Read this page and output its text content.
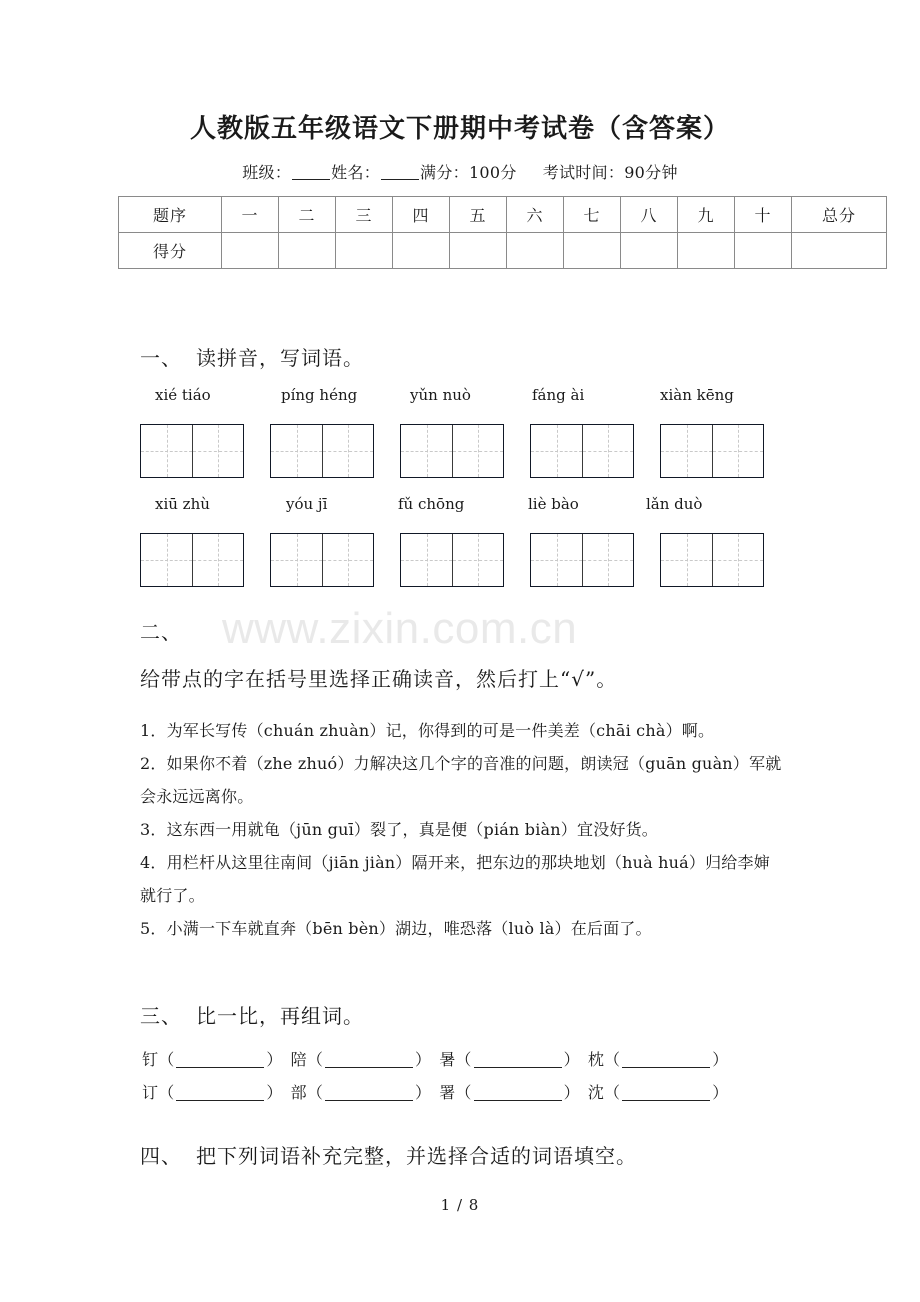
www.zixin.com.cn
人教版五年级语文下册期中考试卷（含答案）
班级：	姓名：	满分：100分 考试时间：90分钟
题序	一	二	三	四	五	六	七	八	九	十	总分
得分											
一、 读拼音，写词语。
xié tiáo	píng héng	yǔn nuò	fáng ài	xiàn kēng
xiū zhù	yóu jī	fǔ chōng	liè bào	lǎn duò
二、
给带点的字在括号里选择正确读音，然后打上“√”。

1．为军长写传（chuán zhuàn）记，你得到的可是一件美差（chāi chà）啊。

2．如果你不着（zhe zhuó）力解决这几个字的音准的问题，朗读冠（guān guàn）军就会永远远离你。

3．这东西一用就龟（jūn guī）裂了，真是便（pián biàn）宜没好货。

4．用栏杆从这里往南间（jiān jiàn）隔开来，把东边的那块地划（huà huá）归给李婶就行了。

5．小满一下车就直奔（bēn bèn）湖边，唯恐落（luò là）在后面了。

三、 比一比，再组词。
钉（	） 陪（	） 暑（	） 枕（	）
订（	） 部（	） 署（	） 沈（	）
四、 把下列词语补充完整，并选择合适的词语填空。
1 / 8
